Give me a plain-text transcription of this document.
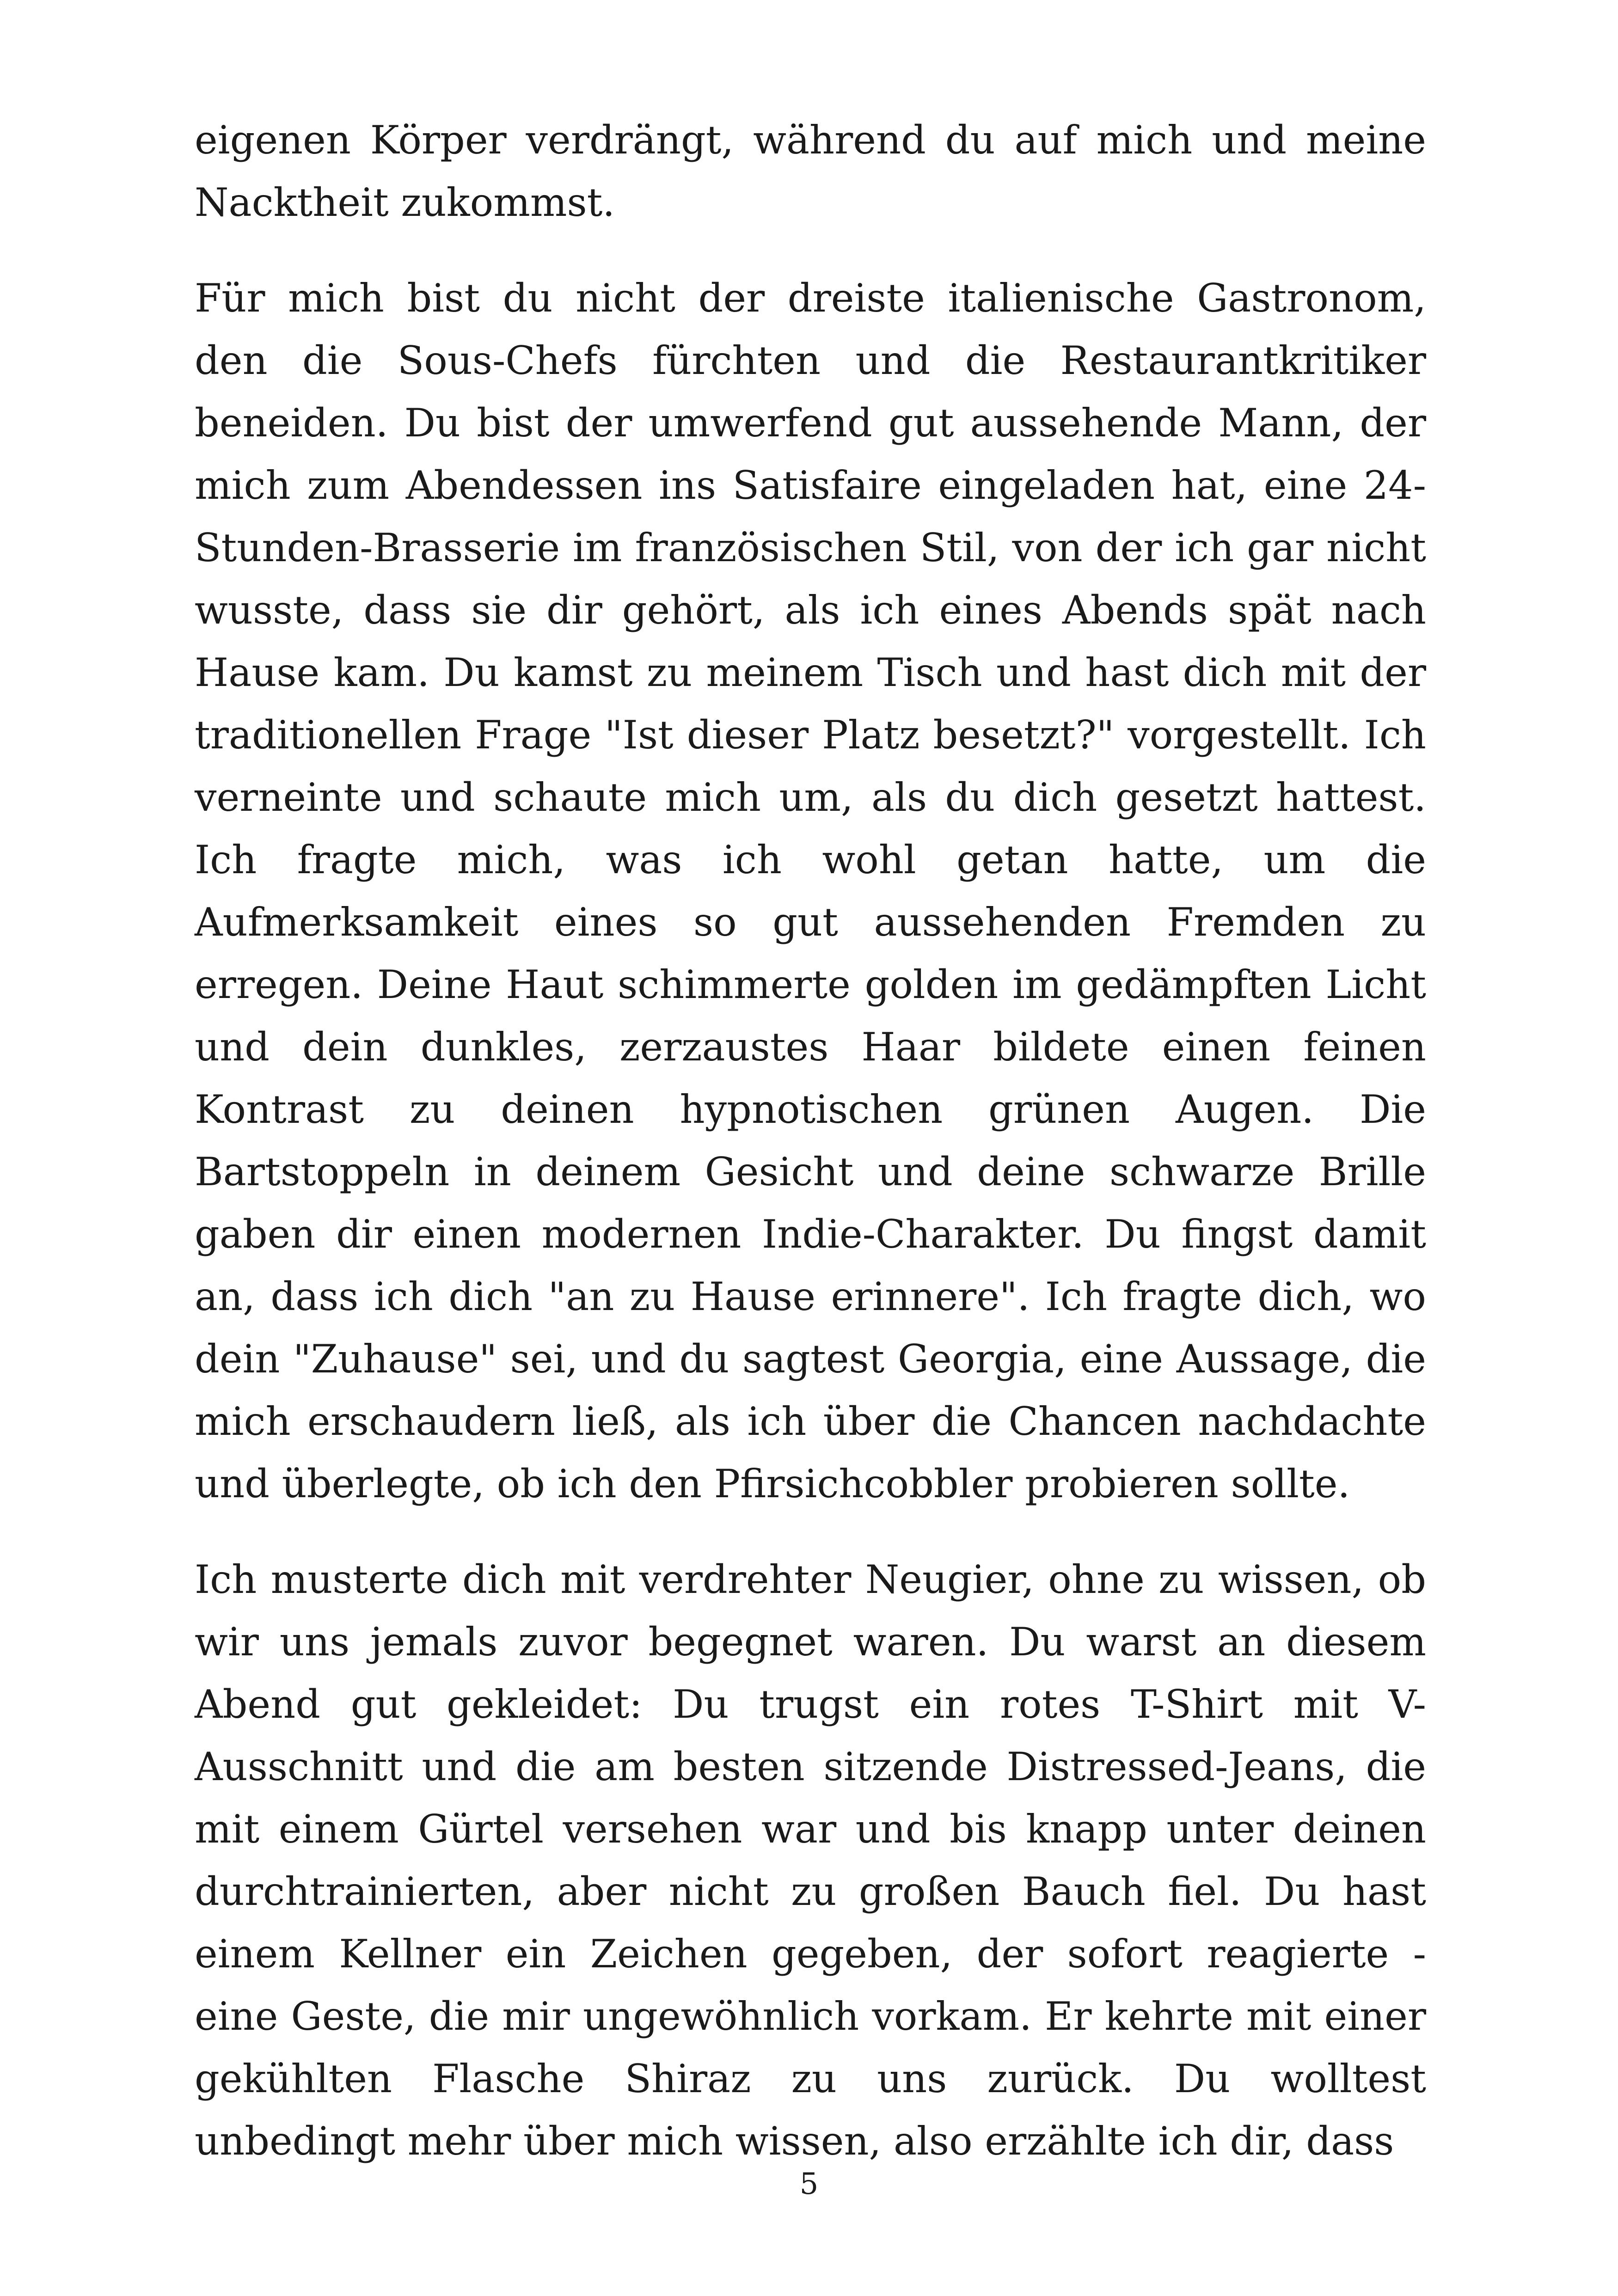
eigenen Körper verdrängt, während du auf mich und meine Nacktheit zukommst.

Für mich bist du nicht der dreiste italienische Gastronom, den die Sous-Chefs fürchten und die Restaurantkritiker beneiden. Du bist der umwerfend gut aussehende Mann, der mich zum Abendessen ins Satisfaire eingeladen hat, eine 24-Stunden-Brasserie im französischen Stil, von der ich gar nicht wusste, dass sie dir gehört, als ich eines Abends spät nach Hause kam. Du kamst zu meinem Tisch und hast dich mit der traditionellen Frage "Ist dieser Platz besetzt?" vorgestellt. Ich verneinte und schaute mich um, als du dich gesetzt hattest. Ich fragte mich, was ich wohl getan hatte, um die Aufmerksamkeit eines so gut aussehenden Fremden zu erregen. Deine Haut schimmerte golden im gedämpften Licht und dein dunkles, zerzaustes Haar bildete einen feinen Kontrast zu deinen hypnotischen grünen Augen. Die Bartstoppeln in deinem Gesicht und deine schwarze Brille gaben dir einen modernen Indie-Charakter. Du fingst damit an, dass ich dich "an zu Hause erinnere". Ich fragte dich, wo dein "Zuhause" sei, und du sagtest Georgia, eine Aussage, die mich erschaudern ließ, als ich über die Chancen nachdachte und überlegte, ob ich den Pfirsichcobbler probieren sollte.

Ich musterte dich mit verdrehter Neugier, ohne zu wissen, ob wir uns jemals zuvor begegnet waren. Du warst an diesem Abend gut gekleidet: Du trugst ein rotes T-Shirt mit V-Ausschnitt und die am besten sitzende Distressed-Jeans, die mit einem Gürtel versehen war und bis knapp unter deinen durchtrainierten, aber nicht zu großen Bauch fiel. Du hast einem Kellner ein Zeichen gegeben, der sofort reagierte - eine Geste, die mir ungewöhnlich vorkam. Er kehrte mit einer gekühlten Flasche Shiraz zu uns zurück. Du wolltest unbedingt mehr über mich wissen, also erzählte ich dir, dass

5
